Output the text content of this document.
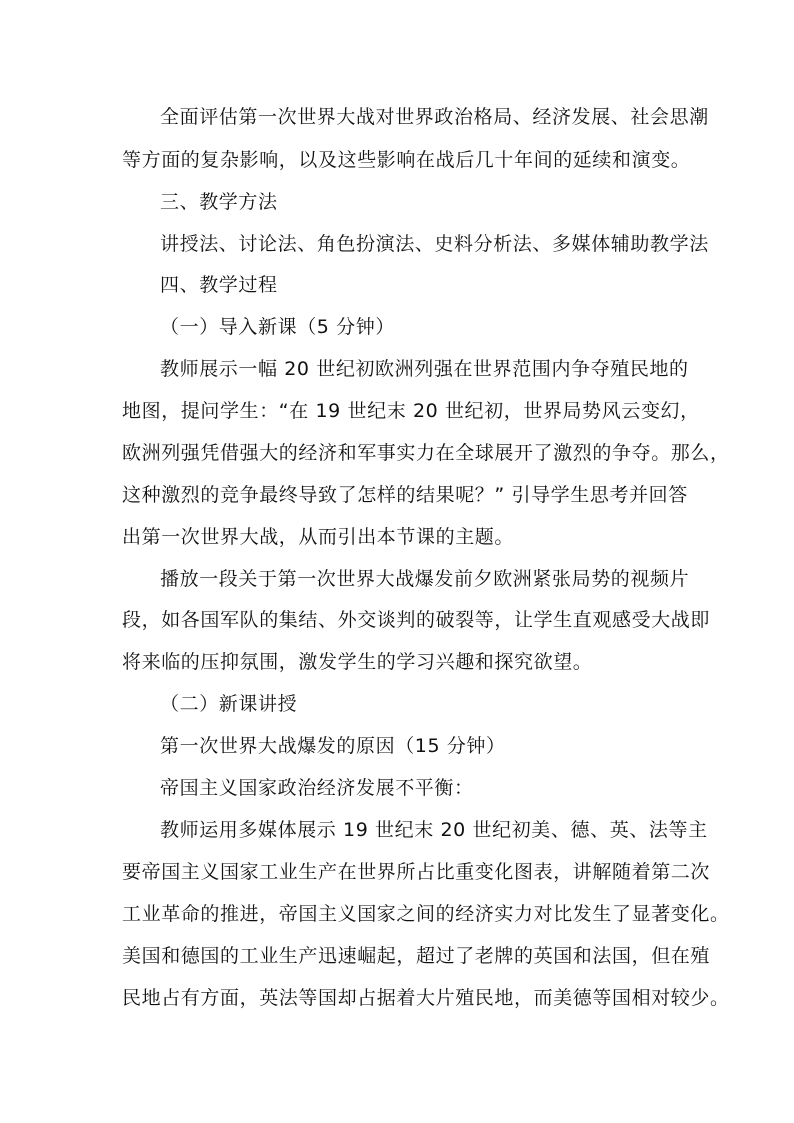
全面评估第一次世界大战对世界政治格局、经济发展、社会思潮
等方面的复杂影响，以及这些影响在战后几十年间的延续和演变。
三、教学方法
讲授法、讨论法、角色扮演法、史料分析法、多媒体辅助教学法
四、教学过程
（一）导入新课（5 分钟）
教师展示一幅 20 世纪初欧洲列强在世界范围内争夺殖民地的
地图，提问学生：“在 19 世纪末 20 世纪初，世界局势风云变幻，
欧洲列强凭借强大的经济和军事实力在全球展开了激烈的争夺。那么，
这种激烈的竞争最终导致了怎样的结果呢？” 引导学生思考并回答
出第一次世界大战，从而引出本节课的主题。
播放一段关于第一次世界大战爆发前夕欧洲紧张局势的视频片
段，如各国军队的集结、外交谈判的破裂等，让学生直观感受大战即
将来临的压抑氛围，激发学生的学习兴趣和探究欲望。
（二）新课讲授
第一次世界大战爆发的原因（15 分钟）
帝国主义国家政治经济发展不平衡：
教师运用多媒体展示 19 世纪末 20 世纪初美、德、英、法等主
要帝国主义国家工业生产在世界所占比重变化图表，讲解随着第二次
工业革命的推进，帝国主义国家之间的经济实力对比发生了显著变化。
美国和德国的工业生产迅速崛起，超过了老牌的英国和法国，但在殖
民地占有方面，英法等国却占据着大片殖民地，而美德等国相对较少。
